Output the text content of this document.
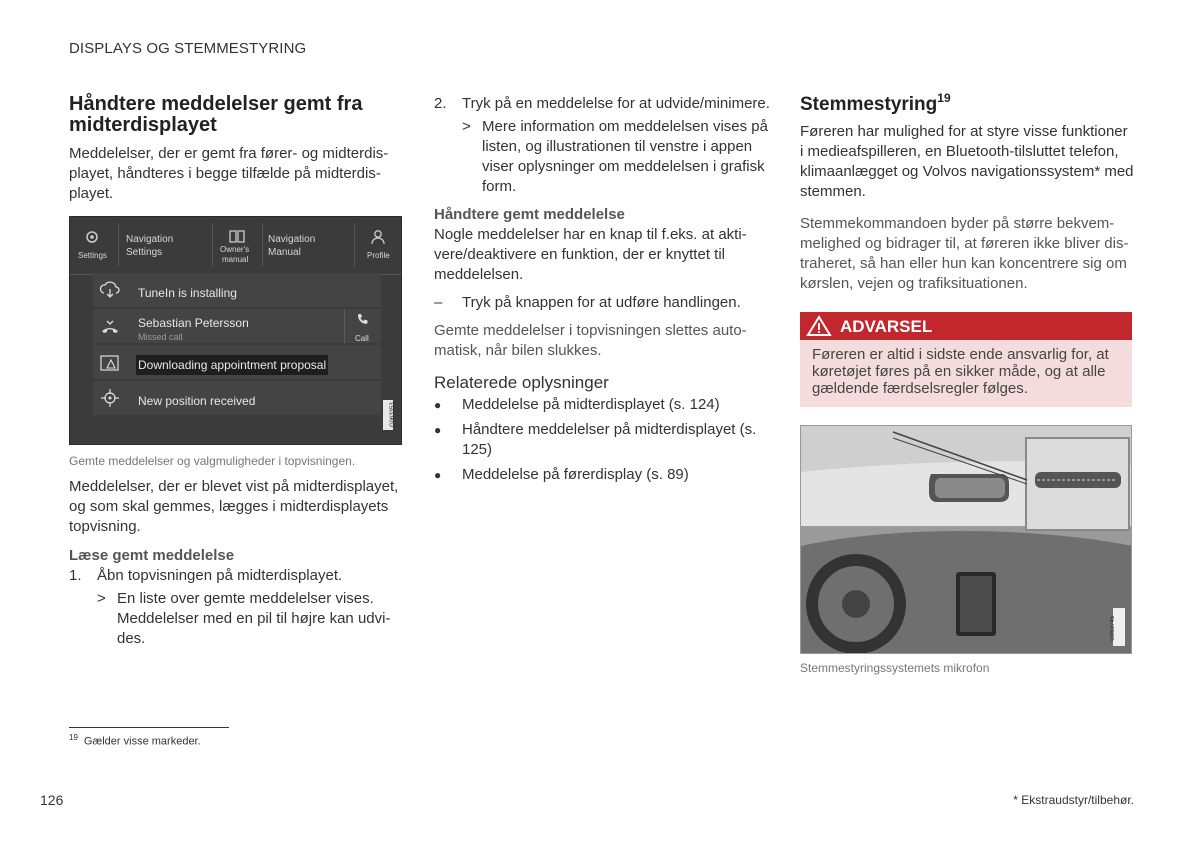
DISPLAYS OG STEMMESTYRING
Håndtere meddelelser gemt fra midterdisplayet

Meddelelser, der er gemt fra fører- og midterdisplayet, håndteres i begge tilfælde på midterdisplayet.

Settings
Navigation
Settings	Owner's
manual
Navigation
Manual	Profile
TuneIn is installing
Sebastian Petersson
Missed call	Call
Downloading appointment proposal
New position received
G063353

Gemte meddelelser og valgmuligheder i topvisningen.

Meddelelser, der er blevet vist på midterdisplayet, og som skal gemmes, lægges i midterdisplayets topvisning.

Læse gemt meddelelse
1.	Åbn topvisningen på midterdisplayet.
> En liste over gemte meddelelser vises. Meddelelser med en pil til højre kan udvides.
2.	Tryk på en meddelelse for at udvide/minimere.
> Mere information om meddelelsen vises på listen, og illustrationen til venstre i appen viser oplysninger om meddelelsen i grafisk form.
Håndtere gemt meddelelse

Nogle meddelelser har en knap til f.eks. at aktivere/deaktivere en funktion, der er knyttet til meddelelsen.

–	Tryk på knappen for at udføre handlingen.

Gemte meddelelser i topvisningen slettes automatisk, når bilen slukkes.

Relaterede oplysninger
●	Meddelelse på midterdisplayet (s. 124)
●	Håndtere meddelelser på midterdisplayet (s. 125)
●	Meddelelse på førerdisplay (s. 89)
Stemmestyring$^{19}$

Føreren har mulighed for at styre visse funktioner i medieafspilleren, en Bluetooth-tilsluttet telefon, klimaanlægget og Volvos navigationssystem* med stemmen.

Stemmekommandoen byder på større bekvemmelighed og bidrager til, at føreren ikke bliver distraheret, så han eller hun kan koncentrere sig om kørslen, vejen og trafiksituationen.

ADVARSEL
Føreren er altid i sidste ende ansvarlig for, at køretøjet føres på en sikker måde, og at alle gældende færdselsregler følges.
G053745

Stemmestyringssystemets mikrofon

$^{19}$ Gælder visse markeder.
126	* Ekstraudstyr/tilbehør.
